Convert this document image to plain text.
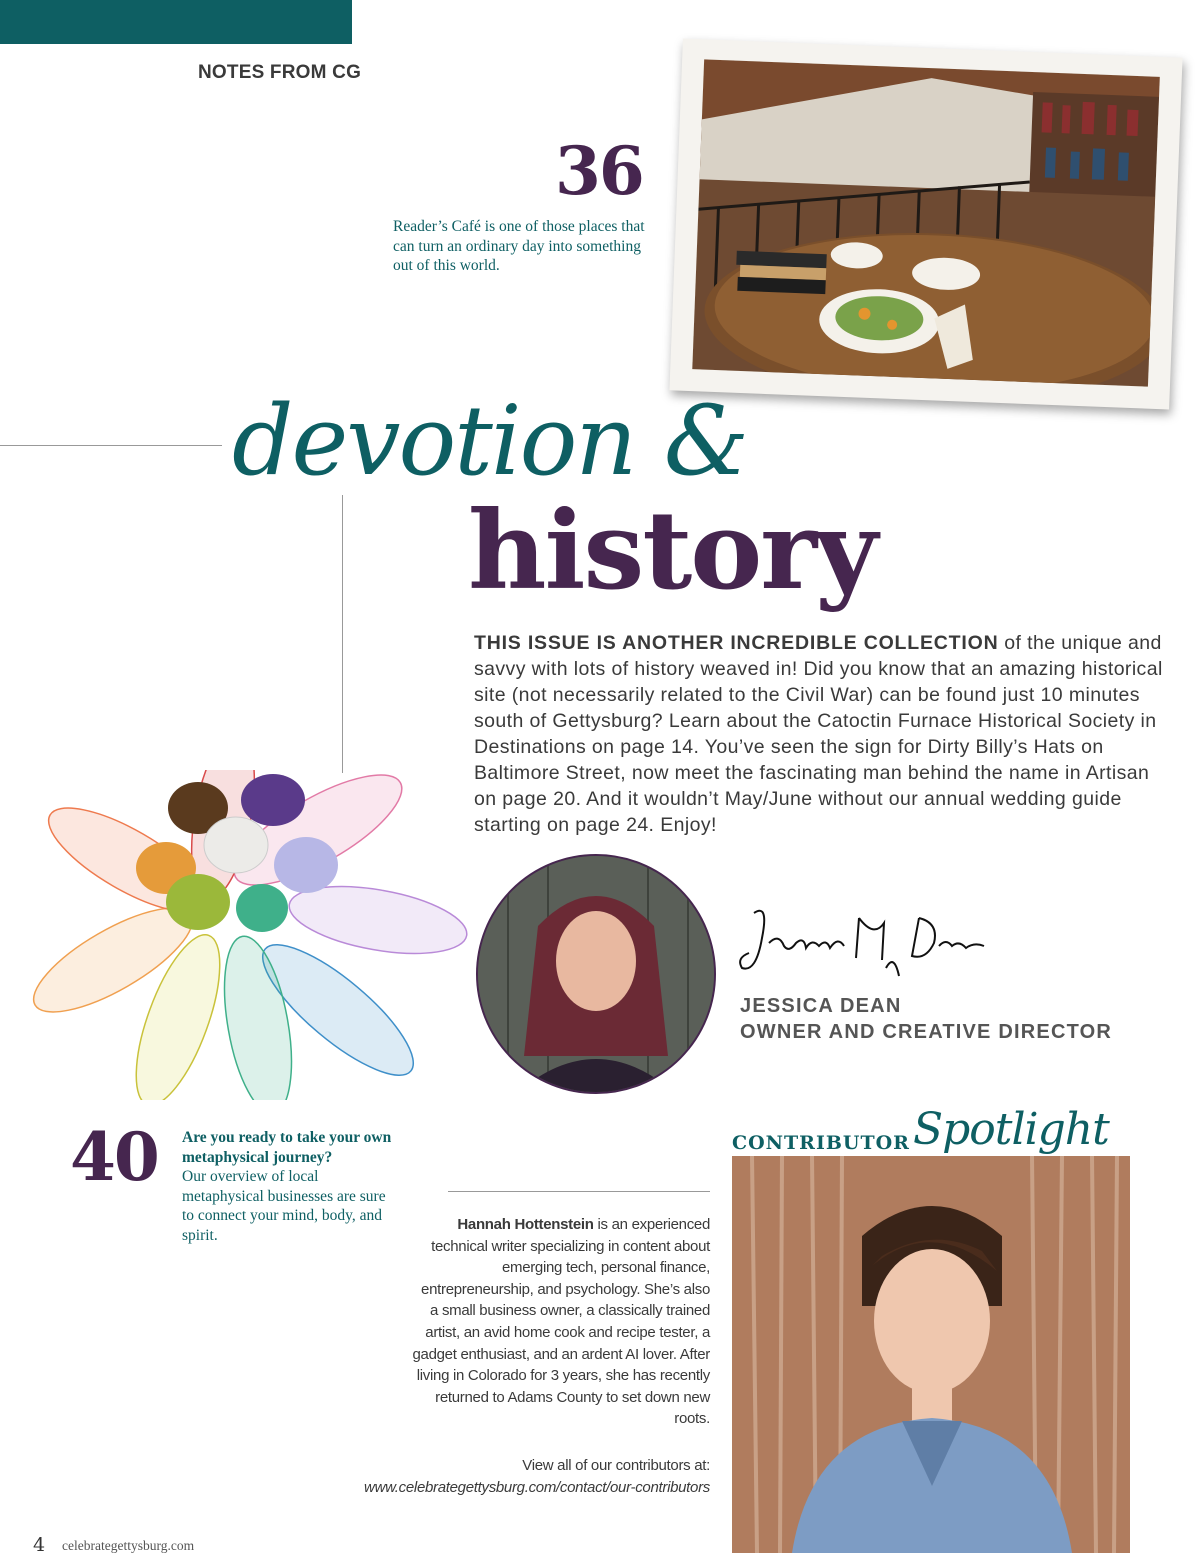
NOTES FROM CG
36
Reader’s Café is one of those places that can turn an ordinary day into something out of this world.
devotion &
history
THIS ISSUE IS ANOTHER INCREDIBLE COLLECTION of the unique and savvy with lots of history weaved in! Did you know that an amazing historical site (not necessarily related to the Civil War) can be found just 10 minutes south of Gettysburg? Learn about the Catoctin Furnace Historical Society in Destinations on page 14. You’ve seen the sign for Dirty Billy’s Hats on Baltimore Street, now meet the fascinating man behind the name in Artisan on page 20. And it wouldn’t May/June without our annual wedding guide starting on page 24. Enjoy!
JESSICA DEAN
OWNER AND CREATIVE DIRECTOR
40 Are you ready to take your own metaphysical journey?
Our overview of local metaphysical businesses are sure to connect your mind, body, and spirit.
CONTRIBUTOR Spotlight
Hannah Hottenstein is an experienced technical writer specializing in content about emerging tech, personal finance, entrepreneurship, and psychology. She’s also a small business owner, a classically trained artist, an avid home cook and recipe tester, a gadget enthusiast, and an ardent AI lover. After living in Colorado for 3 years, she has recently returned to Adams County to set down new roots.
View all of our contributors at:
www.celebrategettysburg.com/contact/our-contributors
4 celebrategettysburg.com
